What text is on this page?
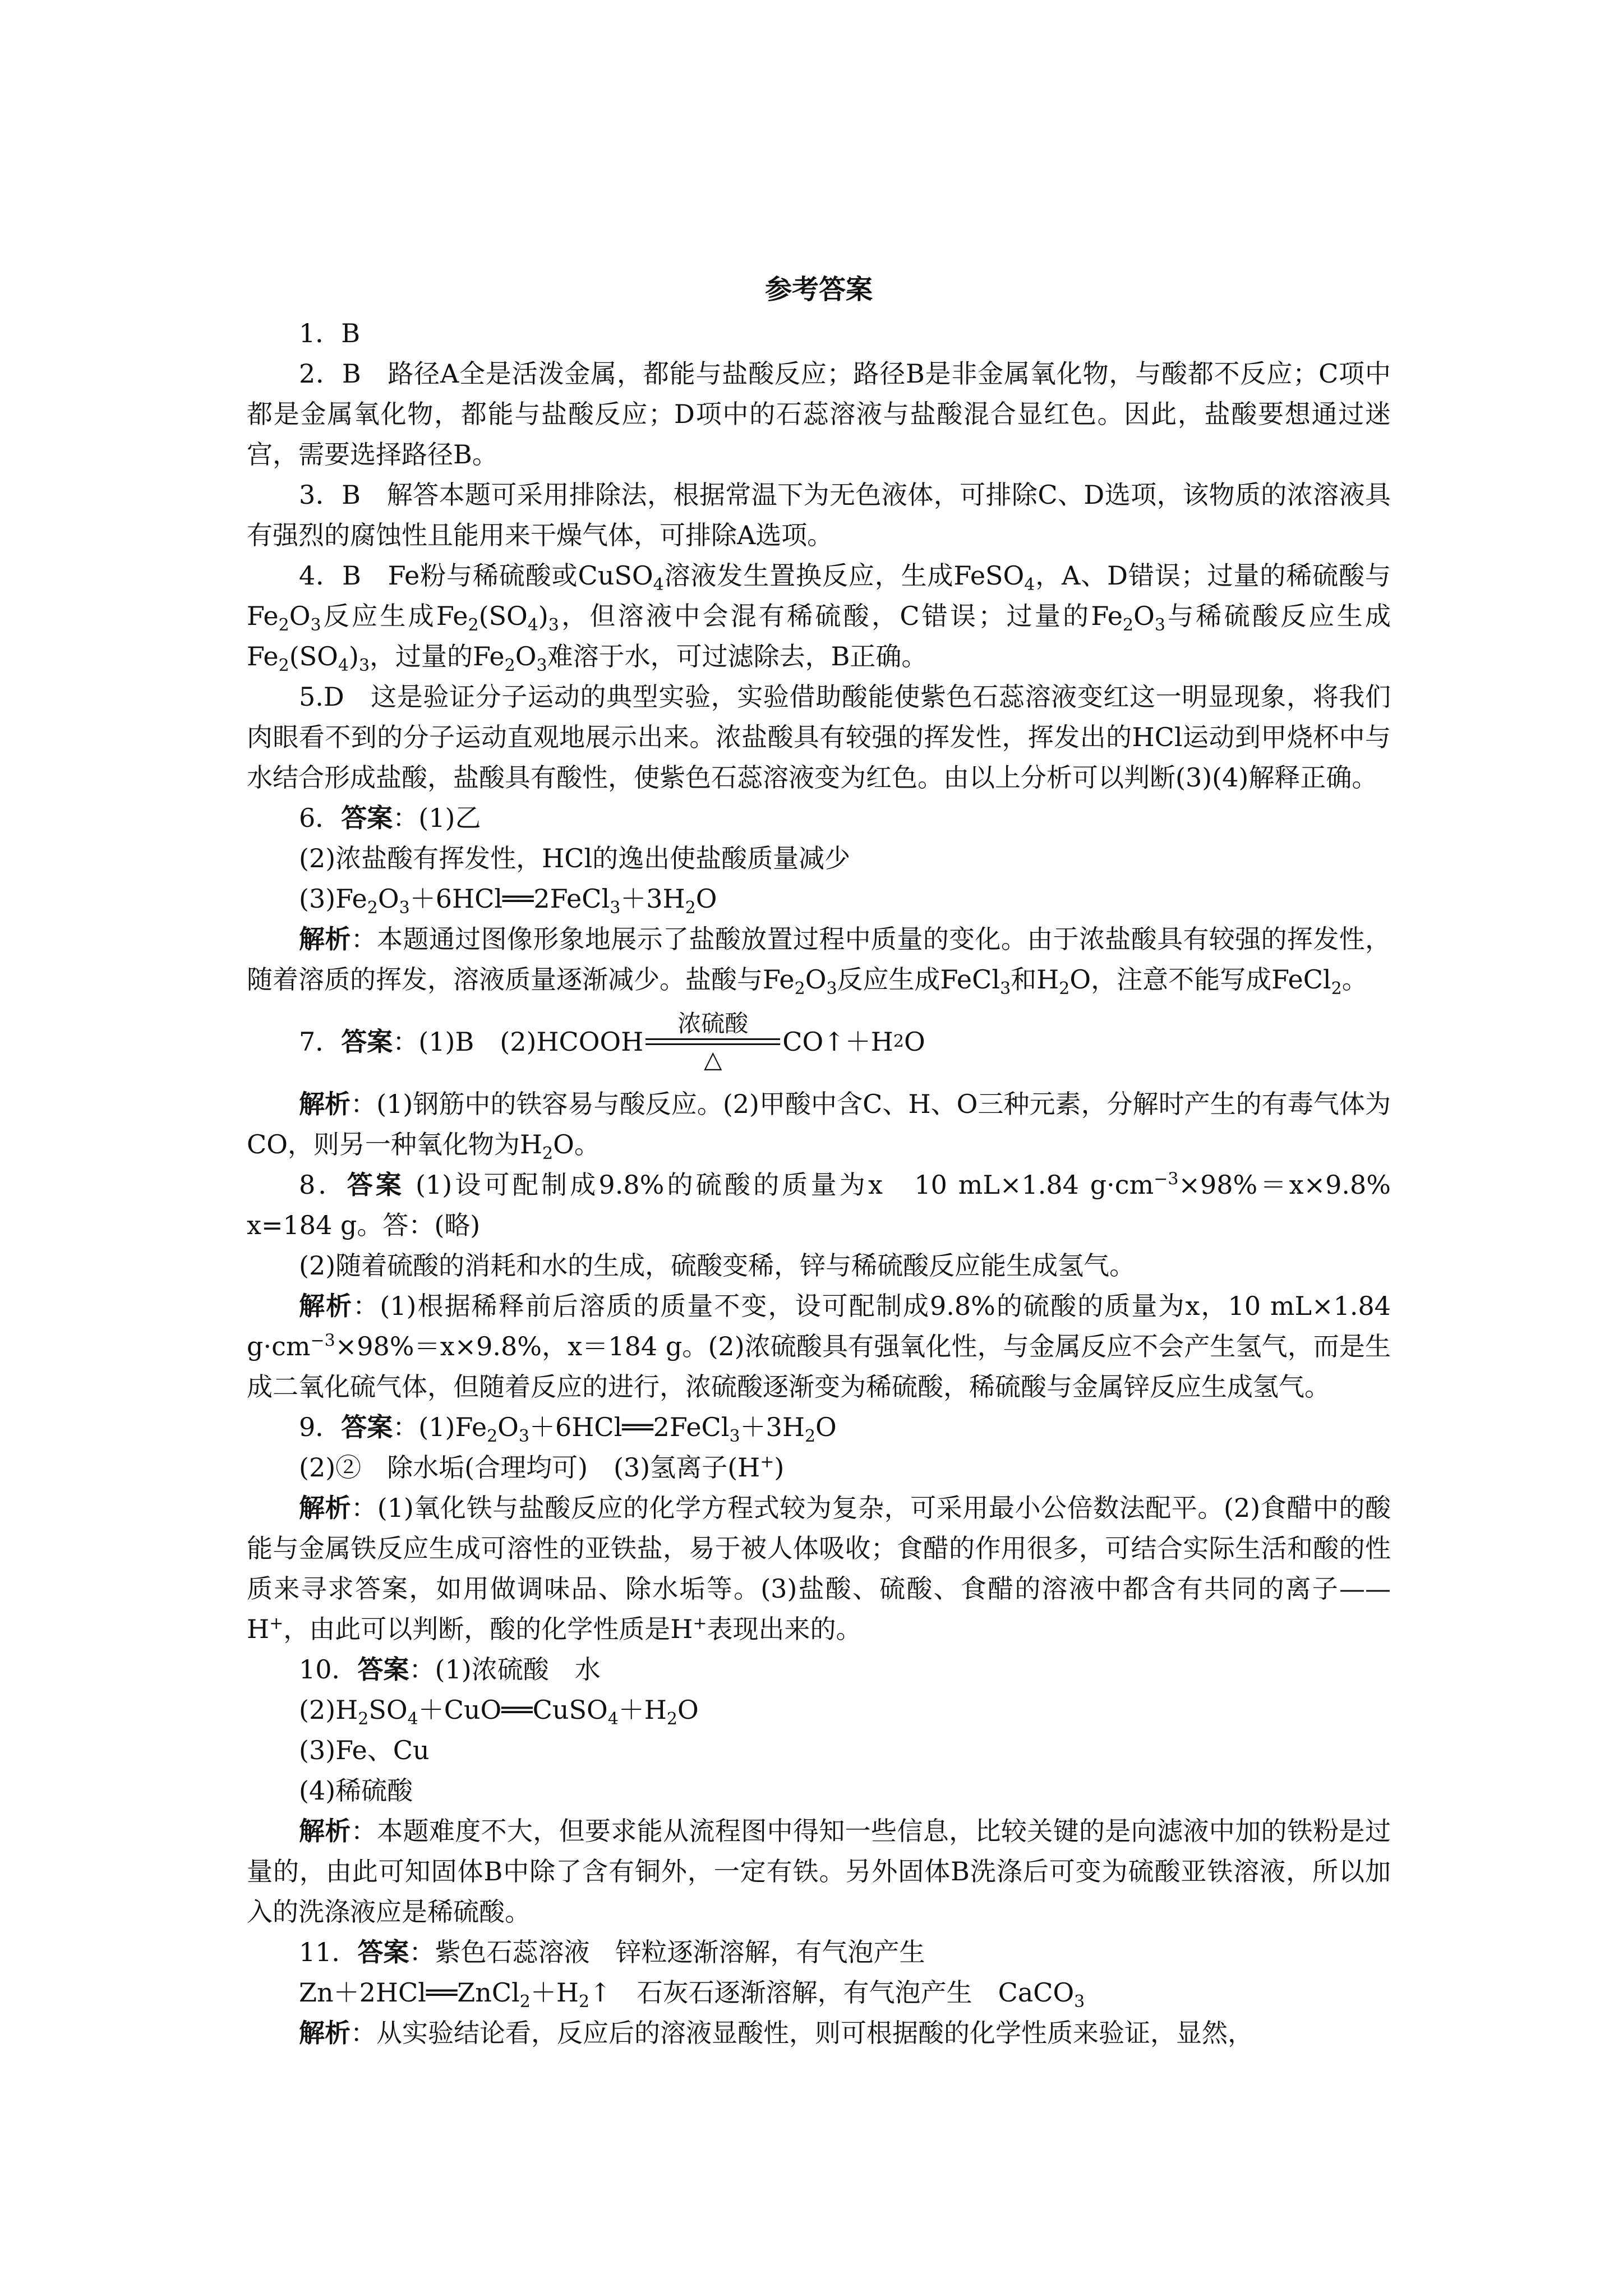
参考答案

1．B

2．B　路径A全是活泼金属，都能与盐酸反应；路径B是非金属氧化物，与酸都不反应；C项中都是金属氧化物，都能与盐酸反应；D项中的石蕊溶液与盐酸混合显红色。因此，盐酸要想通过迷宫，需要选择路径B。

3．B　解答本题可采用排除法，根据常温下为无色液体，可排除C、D选项，该物质的浓溶液具有强烈的腐蚀性且能用来干燥气体，可排除A选项。

4．B　Fe粉与稀硫酸或CuSO$_4$溶液发生置换反应，生成FeSO$_4$，A、D错误；过量的稀硫酸与$Fe_2O_3$反应生成$Fe_2(SO_4)_3$，但溶液中会混有稀硫酸，C错误；过量的$Fe_2O_3$与稀硫酸反应生成$Fe_2(SO_4)_3$，过量的$Fe_2O_3$难溶于水，可过滤除去，B正确。

5.D　这是验证分子运动的典型实验，实验借助酸能使紫色石蕊溶液变红这一明显现象，将我们肉眼看不到的分子运动直观地展示出来。浓盐酸具有较强的挥发性，挥发出的HCl运动到甲烧杯中与水结合形成盐酸，盐酸具有酸性，使紫色石蕊溶液变为红色。由以上分析可以判断(3)(4)解释正确。

6．答案：(1)乙

(2)浓盐酸有挥发性，HCl的逸出使盐酸质量减少

$(3)Fe_2O_3+6HCl══2FeCl_3+3H_2O$

解析：本题通过图像形象地展示了盐酸放置过程中质量的变化。由于浓盐酸具有较强的挥发性，随着溶质的挥发，溶液质量逐渐减少。盐酸与$Fe_2O_3$反应生成FeCl$_3$和$H_2O$，注意不能写成FeCl$_2$。

7． 答案 ：(1)B　(2)HCOOH
浓硫酸
△
CO↑＋H 2 O

解析：(1)钢筋中的铁容易与酸反应。(2)甲酸中含C、H、O三种元素，分解时产生的有毒气体为CO，则另一种氧化物为$H_2O$。

8．答案 (1)设可配制成9.8%的硫酸的质量为x　10 mL×1.84 $g\cdot cm^{-3}\times 98\%=x\times 9.8\%$　x=184 g。答：(略)

(2)随着硫酸的消耗和水的生成，硫酸变稀，锌与稀硫酸反应能生成氢气。

解析：(1)根据稀释前后溶质的质量不变，设可配制成9.8%的硫酸的质量为x，10 mL×1.84 $g\cdot cm^{-3}\times 98\%=x\times 9.8\%$，x＝184 g。(2)浓硫酸具有强氧化性，与金属反应不会产生氢气，而是生成二氧化硫气体，但随着反应的进行，浓硫酸逐渐变为稀硫酸，稀硫酸与金属锌反应生成氢气。

9．答案：$(1)Fe_2O_3+6HCl══2FeCl_3+3H_2O$

(2)②　除水垢(合理均可)　(3)氢离子(H+)

解析：(1)氧化铁与盐酸反应的化学方程式较为复杂，可采用最小公倍数法配平。(2)食醋中的酸能与金属铁反应生成可溶性的亚铁盐，易于被人体吸收；食醋的作用很多，可结合实际生活和酸的性质来寻求答案，如用做调味品、除水垢等。(3)盐酸、硫酸、食醋的溶液中都含有共同的离子——H+，由此可以判断，酸的化学性质是H+表现出来的。

10．答案：(1)浓硫酸　水

$(2)H_2SO_4+CuO══CuSO_4+H_2O$

(3)Fe、Cu

(4)稀硫酸

解析：本题难度不大，但要求能从流程图中得知一些信息，比较关键的是向滤液中加的铁粉是过量的，由此可知固体B中除了含有铜外，一定有铁。另外固体B洗涤后可变为硫酸亚铁溶液，所以加入的洗涤液应是稀硫酸。

11．答案：紫色石蕊溶液　锌粒逐渐溶解，有气泡产生

$Zn+2HCl══ZnCl_2+H_2↑$　石灰石逐渐溶解，有气泡产生　CaCO$_3$

解析：从实验结论看，反应后的溶液显酸性，则可根据酸的化学性质来验证，显然，
